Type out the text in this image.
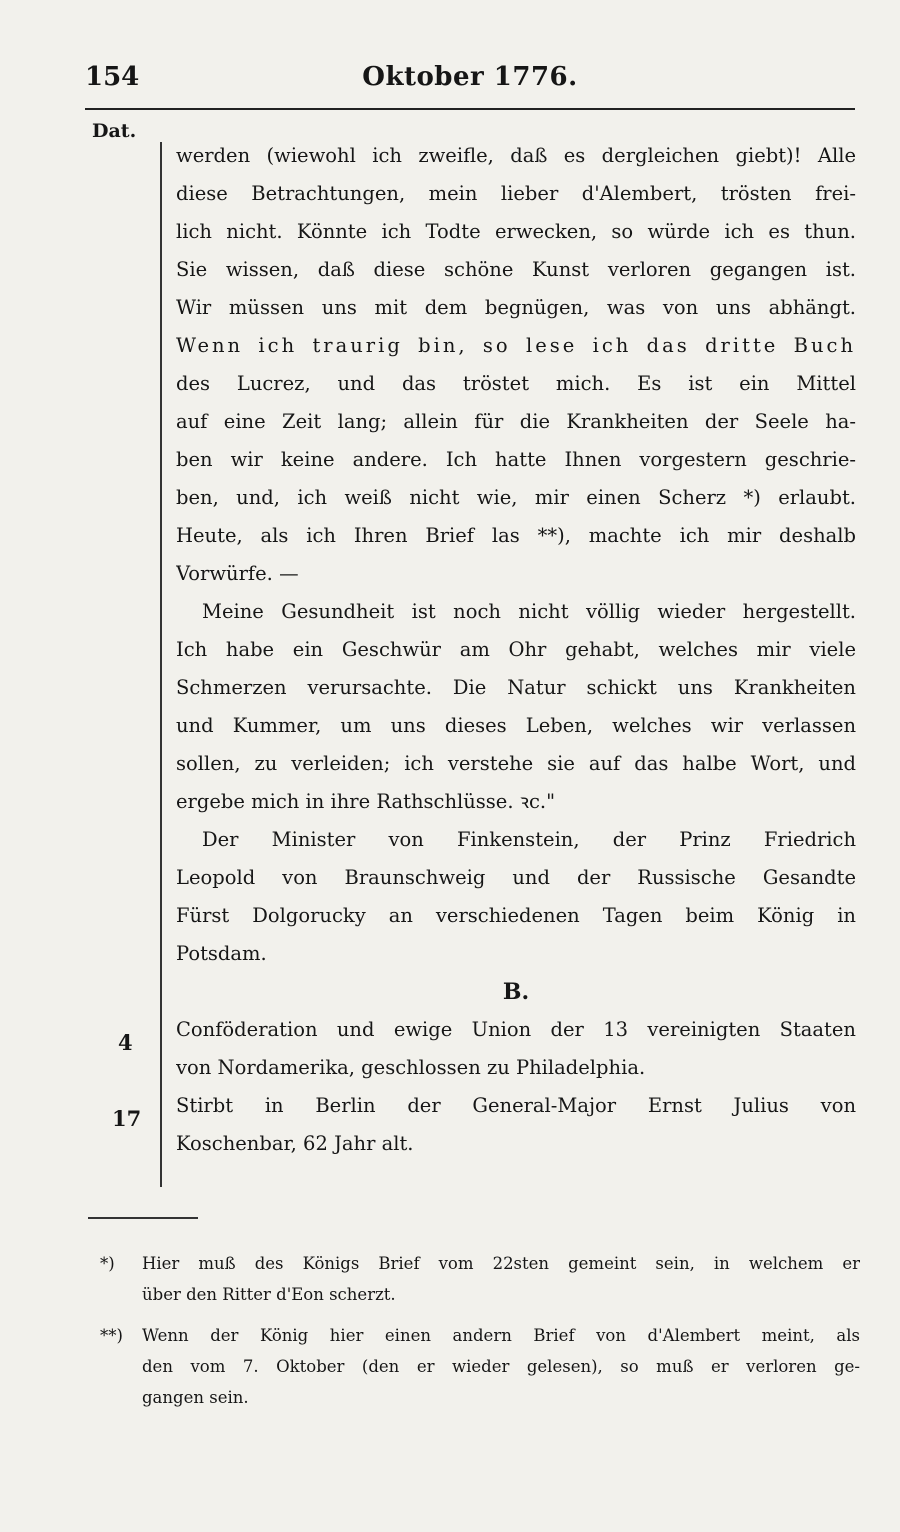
154	Oktober 1776.
Dat.
werden (wiewohl ich zweifle, daß es dergleichen giebt)! Alle
diese Betrachtungen, mein lieber d'Alembert, trösten frei-
lich nicht. Könnte ich Todte erwecken, so würde ich es thun.
Sie wissen, daß diese schöne Kunst verloren gegangen ist.
Wir müssen uns mit dem begnügen, was von uns abhängt.
Wenn ich traurig bin, so lese ich das dritte Buch
des Lucrez, und das tröstet mich. Es ist ein Mittel
auf eine Zeit lang; allein für die Krankheiten der Seele ha-
ben wir keine andere. Ich hatte Ihnen vorgestern geschrie-
ben, und, ich weiß nicht wie, mir einen Scherz *) erlaubt.
Heute, als ich Ihren Brief las **), machte ich mir deshalb
Vorwürfe. —
Meine Gesundheit ist noch nicht völlig wieder hergestellt.
Ich habe ein Geschwür am Ohr gehabt, welches mir viele
Schmerzen verursachte. Die Natur schickt uns Krankheiten
und Kummer, um uns dieses Leben, welches wir verlassen
sollen, zu verleiden; ich verstehe sie auf das halbe Wort, und
ergebe mich in ihre Rathschlüsse. ꝛc."
Der Minister von Finkenstein, der Prinz Friedrich
Leopold von Braunschweig und der Russische Gesandte
Fürst Dolgorucky an verschiedenen Tagen beim König in
Potsdam.
B.
Conföderation und ewige Union der 13 vereinigten Staaten
von Nordamerika, geschlossen zu Philadelphia.
Stirbt in Berlin der General-Major Ernst Julius von
Koschenbar, 62 Jahr alt.
4
17
*) Hier muß des Königs Brief vom 22sten gemeint sein, in welchem er
über den Ritter d'Eon scherzt.
**) Wenn der König hier einen andern Brief von d'Alembert meint, als
den vom 7. Oktober (den er wieder gelesen), so muß er verloren ge-
gangen sein.
